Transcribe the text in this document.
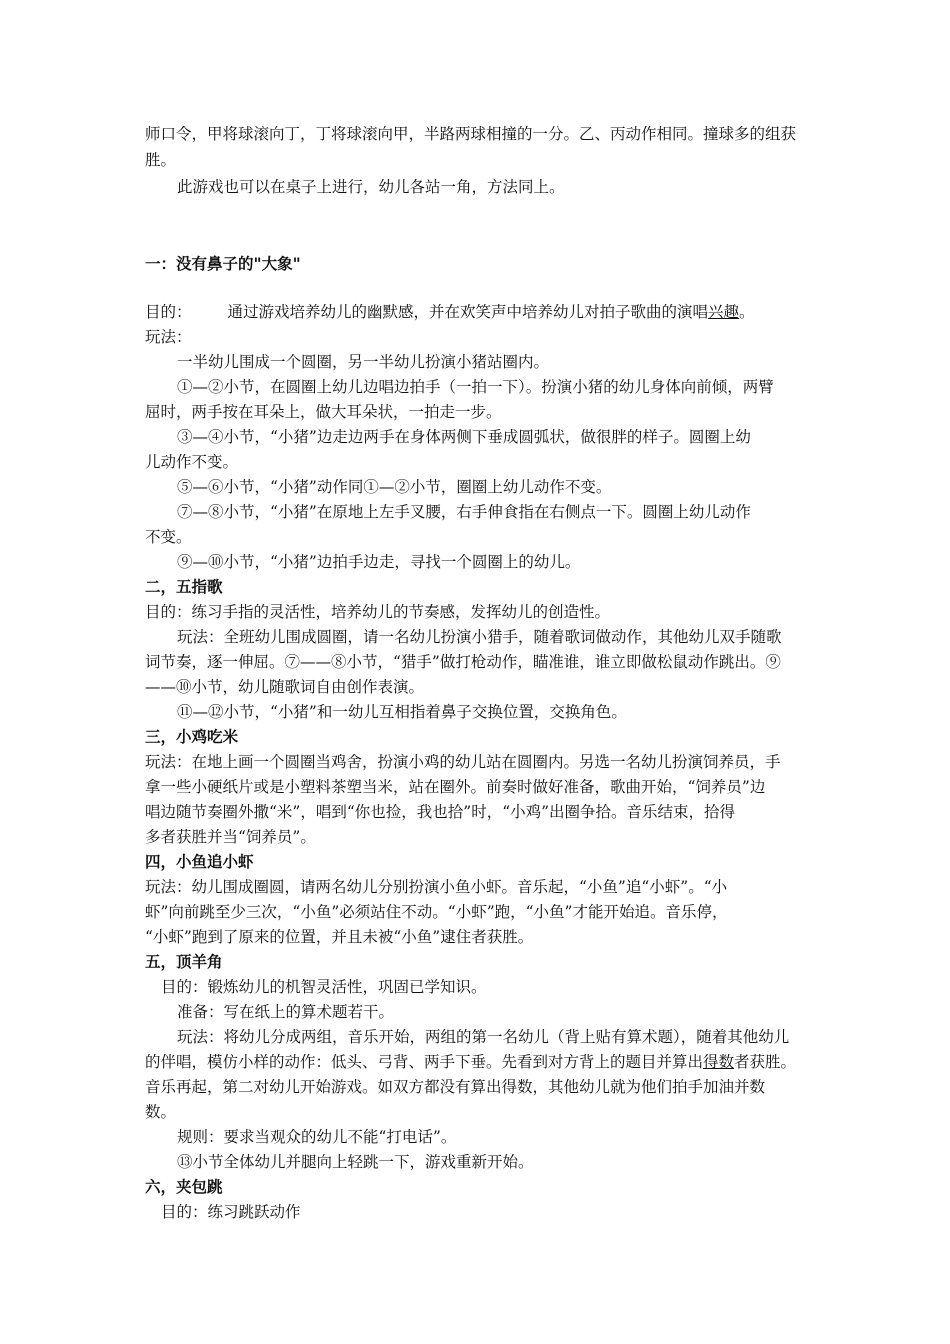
师口令，甲将球滚向丁，丁将球滚向甲，半路两球相撞的一分。乙、丙动作相同。撞球多的组获
胜。
此游戏也可以在桌子上进行，幼儿各站一角，方法同上。
一：没有鼻子的"大象"
目的： 通过游戏培养幼儿的幽默感，并在欢笑声中培养幼儿对拍子歌曲的演唱兴趣。
玩法：
一半幼儿围成一个圆圈，另一半幼儿扮演小猪站圈内。
①—②小节，在圆圈上幼儿边唱边拍手（一拍一下）。扮演小猪的幼儿身体向前倾，两臂
屈时，两手按在耳朵上，做大耳朵状，一拍走一步。
③—④小节，“小猪”边走边两手在身体两侧下垂成圆弧状，做很胖的样子。圆圈上幼
儿动作不变。
⑤—⑥小节，“小猪”动作同①—②小节，圈圈上幼儿动作不变。
⑦—⑧小节，“小猪”在原地上左手叉腰，右手伸食指在右侧点一下。圆圈上幼儿动作
不变。
⑨—⑩小节，“小猪”边拍手边走，寻找一个圆圈上的幼儿。
二，五指歌
目的：练习手指的灵活性，培养幼儿的节奏感，发挥幼儿的创造性。
玩法：全班幼儿围成圆圈，请一名幼儿扮演小猎手，随着歌词做动作，其他幼儿双手随歌
词节奏，逐一伸屈。⑦——⑧小节，“猎手”做打枪动作，瞄准谁，谁立即做松鼠动作跳出。⑨
——⑩小节，幼儿随歌词自由创作表演。
⑪—⑫小节，“小猪”和一幼儿互相指着鼻子交换位置，交换角色。
三，小鸡吃米
玩法：在地上画一个圆圈当鸡舍，扮演小鸡的幼儿站在圆圈内。另选一名幼儿扮演饲养员，手
拿一些小硬纸片或是小塑料茶塑当米，站在圈外。前奏时做好准备，歌曲开始，“饲养员”边
唱边随节奏圈外撒“米”，唱到“你也捡，我也拾”时，“小鸡”出圈争拾。音乐结束，拾得
多者获胜并当“饲养员”。
四，小鱼追小虾
玩法：幼儿围成圈圆，请两名幼儿分别扮演小鱼小虾。音乐起，“小鱼”追“小虾”。“小
虾”向前跳至少三次，“小鱼”必须站住不动。“小虾”跑，“小鱼”才能开始追。音乐停，
“小虾”跑到了原来的位置，并且未被“小鱼”逮住者获胜。
五，顶羊角
目的：锻炼幼儿的机智灵活性，巩固已学知识。
准备：写在纸上的算术题若干。
玩法：将幼儿分成两组，音乐开始，两组的第一名幼儿（背上贴有算术题），随着其他幼儿
的伴唱，模仿小样的动作：低头、弓背、两手下垂。先看到对方背上的题目并算出得数者获胜。
音乐再起，第二对幼儿开始游戏。如双方都没有算出得数，其他幼儿就为他们拍手加油并数
数。
规则：要求当观众的幼儿不能“打电话”。
⑬小节全体幼儿并腿向上轻跳一下，游戏重新开始。
六，夹包跳
目的：练习跳跃动作
